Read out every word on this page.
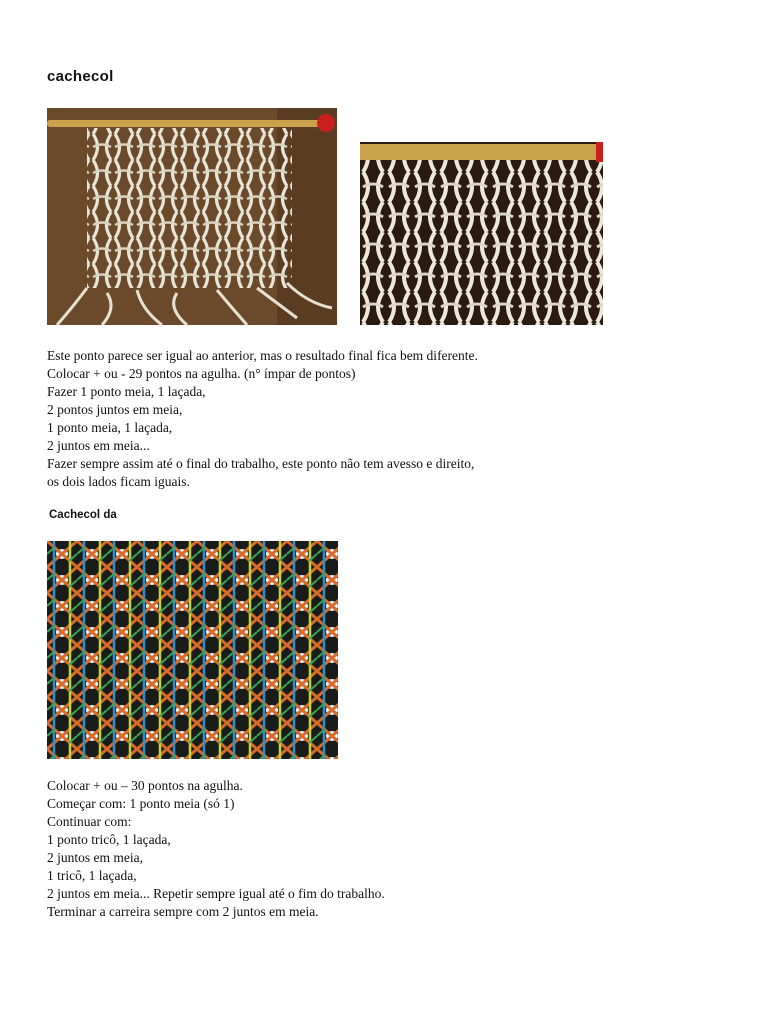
cachecol
Este ponto parece ser igual ao anterior, mas o resultado final fica bem diferente.
Colocar + ou - 29 pontos na agulha. (n° ímpar de pontos)
Fazer 1 ponto meia, 1 laçada,
2 pontos juntos em meia,
1 ponto meia, 1 laçada,
2 juntos em meia...
Fazer sempre assim até o final do trabalho, este ponto não tem avesso e direito,
os dois lados ficam iguais.
Cachecol da
Colocar + ou – 30 pontos na agulha.
Começar com: 1 ponto meia (só 1)
Continuar com:
1 ponto tricô, 1 laçada,
2 juntos em meia,
1 tricô, 1 laçada,
2 juntos em meia... Repetir sempre igual até o fim do trabalho.
Terminar a carreira sempre com 2 juntos em meia.
